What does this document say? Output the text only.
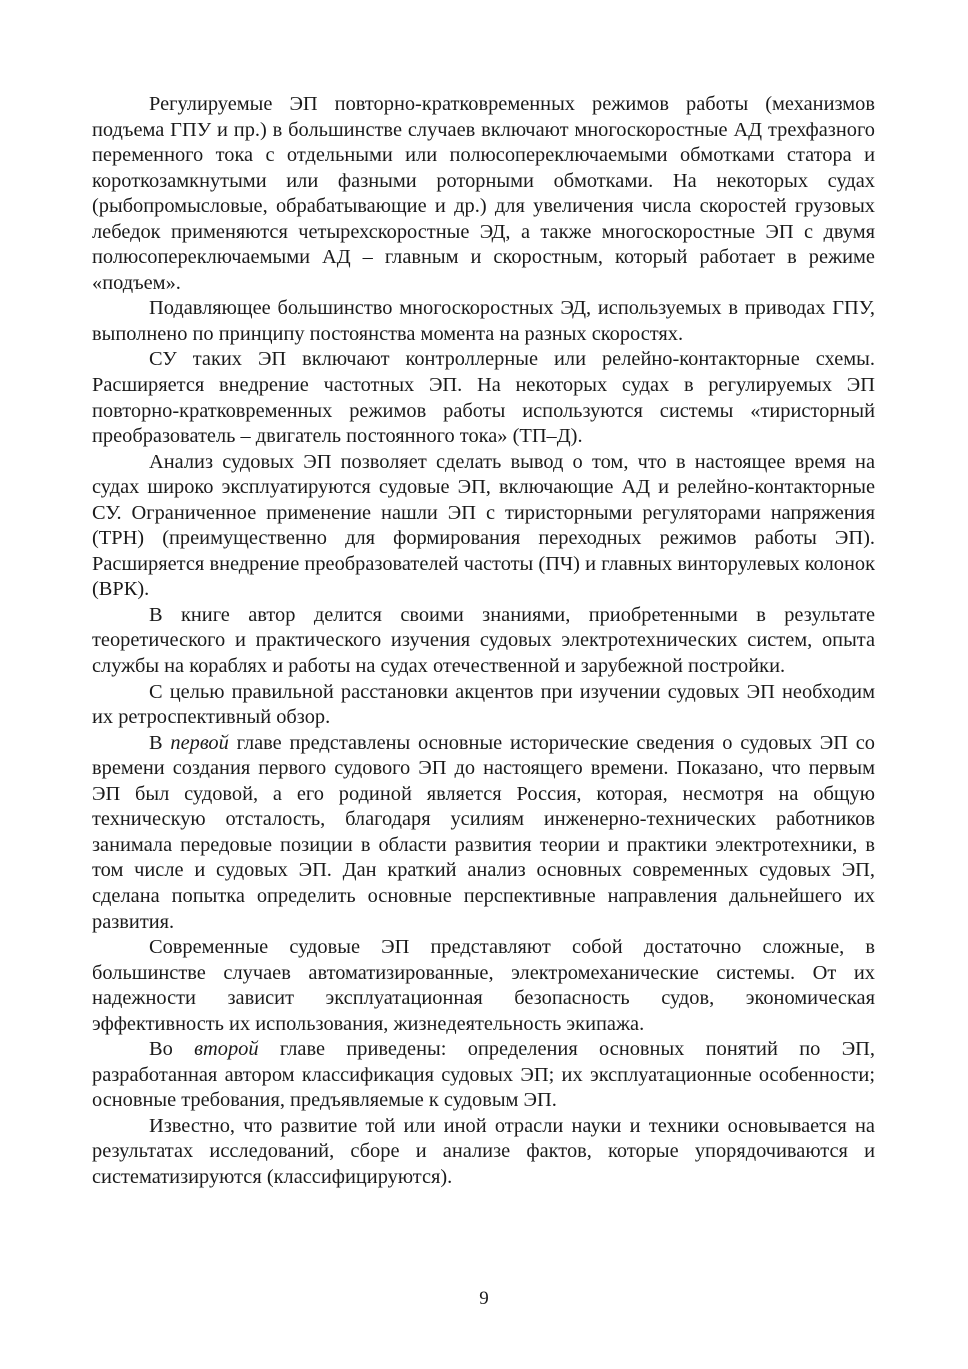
Регулируемые ЭП повторно-кратковременных режимов работы (механизмов подъема ГПУ и пр.) в большинстве случаев включают многоскоростные АД трехфазного переменного тока с отдельными или полюсопереключаемыми обмотками статора и короткозамкнутыми или фазными роторными обмотками. На некоторых судах (рыбопромысловые, обрабатывающие и др.) для увеличения числа скоростей грузовых лебедок применяются четырехскоростные ЭД, а также многоскоростные ЭП с двумя полюсопереключаемыми АД – главным и скоростным, который работает в режиме «подъем».

Подавляющее большинство многоскоростных ЭД, используемых в приводах ГПУ, выполнено по принципу постоянства момента на разных скоростях.

СУ таких ЭП включают контроллерные или релейно-контакторные схемы. Расширяется внедрение частотных ЭП. На некоторых судах в регулируемых ЭП повторно-кратковременных режимов работы используются системы «тиристорный преобразователь – двигатель постоянного тока» (ТП–Д).

Анализ судовых ЭП позволяет сделать вывод о том, что в настоящее время на судах широко эксплуатируются судовые ЭП, включающие АД и релейно-контакторные СУ. Ограниченное применение нашли ЭП с тиристорными регуляторами напряжения (ТРН) (преимущественно для формирования переходных режимов работы ЭП). Расширяется внедрение преобразователей частоты (ПЧ) и главных винторулевых колонок (ВРК).

В книге автор делится своими знаниями, приобретенными в результате теоретического и практического изучения судовых электротехнических систем, опыта службы на кораблях и работы на судах отечественной и зарубежной постройки.

С целью правильной расстановки акцентов при изучении судовых ЭП необходим их ретроспективный обзор.

В первой главе представлены основные исторические сведения о судовых ЭП со времени создания первого судового ЭП до настоящего времени. Показано, что первым ЭП был судовой, а его родиной является Россия, которая, несмотря на общую техническую отсталость, благодаря усилиям инженерно-технических работников занимала передовые позиции в области развития теории и практики электротехники, в том числе и судовых ЭП. Дан краткий анализ основных современных судовых ЭП, сделана попытка определить основные перспективные направления дальнейшего их развития.

Современные судовые ЭП представляют собой достаточно сложные, в большинстве случаев автоматизированные, электромеханические системы. От их надежности зависит эксплуатационная безопасность судов, экономическая эффективность их использования, жизнедеятельность экипажа.

Во второй главе приведены: определения основных понятий по ЭП, разработанная автором классификация судовых ЭП; их эксплуатационные особенности; основные требования, предъявляемые к судовым ЭП.

Известно, что развитие той или иной отрасли науки и техники основывается на результатах исследований, сборе и анализе фактов, которые упорядочиваются и систематизируются (классифицируются).

9
